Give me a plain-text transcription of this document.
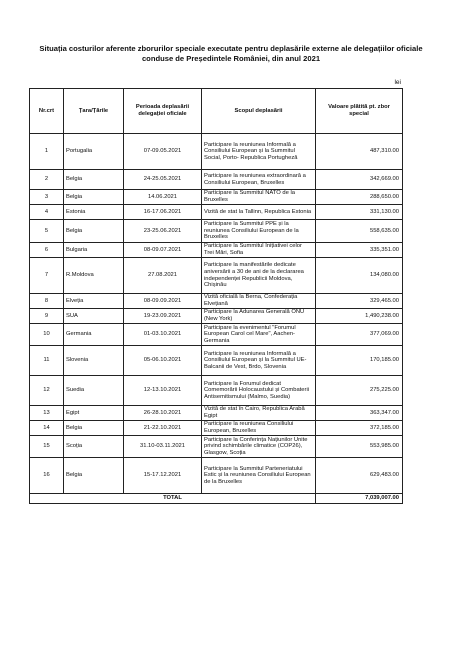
Situația costurilor aferente zborurilor speciale executate pentru deplasările externe ale delegațiilor oficiale conduse de Președintele României, din anul 2021
lei
Nr.crt	Țara/Țările	Perioada deplasării delegației oficiale	Scopul deplasării	Valoare plătită pt. zbor special
1	Portugalia	07-09.05.2021	Participare la reuniunea Informală a Consiliului European și la Summitul Social, Porto- Republica Portugheză	487,310.00
2	Belgia	24-25.05.2021	Participare la reuniunea extraordinară a Consiliului European, Bruxelles	342,669.00
3	Belgia	14.06.2021	Participare la Summitul NATO de la Bruxelles	288,650.00
4	Estonia	16-17.06.2021	Vizită de stat la Tallinn, Republica Estonia	331,130.00
5	Belgia	23-25.06.2021	Participare la Summitul PPE și la reuniunea Consiliului European de la Bruxelles	558,635.00
6	Bulgaria	08-09.07.2021	Participare la Summitul Inițiativei celor Trei Mări, Sofia	335,351.00
7	R.Moldova	27.08.2021	Participare la manifestările dedicate aniversării a 30 de ani de la declararea independenței Republicii Moldova, Chișinău	134,080.00
8	Elveția	08-09.09.2021	Vizită oficială la Berna, Confederația Elvețiană	329,465.00
9	SUA	19-23.09.2021	Participare la Adunarea Generală ONU (New York)	1,490,238.00
10	Germania	01-03.10.2021	Participare la evenimentul "Forumul European Carol cel Mare", Aachen- Germania	377,069.00
11	Slovenia	05-06.10.2021	Participare la reuniunea Informală a Consiliului European și la Summitul UE-Balcanii de Vest, Brdo, Slovenia	170,185.00
12	Suedia	12-13.10.2021	Participare la Forumul dedicat Comemorării Holocaustului și Combaterii Antisemitismului (Malmo, Suedia)	275,225.00
13	Egipt	26-28.10.2021	Vizită de stat în Cairo, Republica Arabă Egipt	363,347.00
14	Belgia	21-22.10.2021	Participare la reuniunea Consiliului European, Bruxelles	372,185.00
15	Scoția	31.10-03.11.2021	Participare la Conferința Națiunilor Unite privind schimbările climatice (COP26), Glasgow, Scoția	553,985.00
16	Belgia	15-17.12.2021	Participare la Summitul Parteneriatului Estic și la reuniunea Consiliului European de la Bruxelles	629,483.00
TOTAL				7,039,007.00
